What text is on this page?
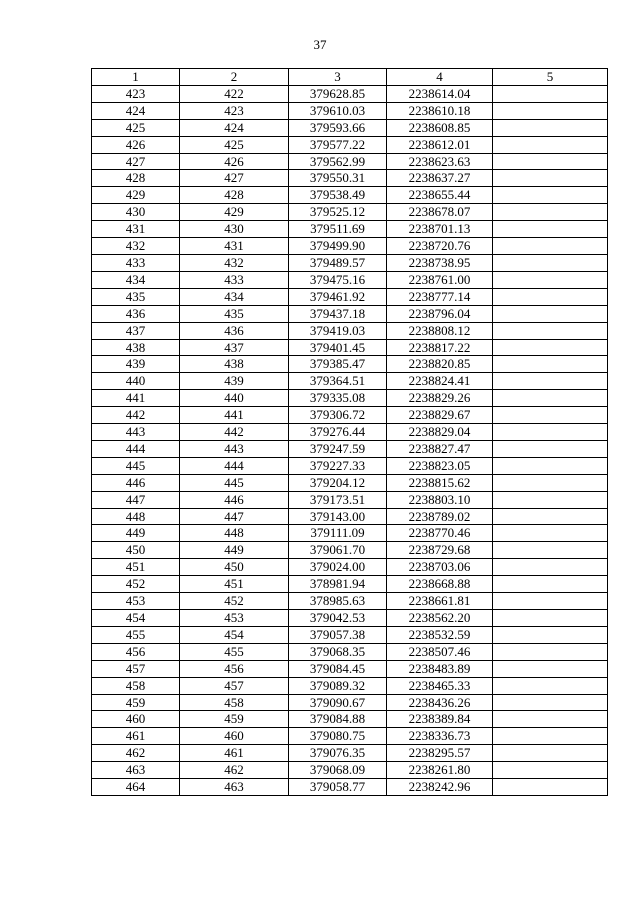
37
1	2	3	4	5
423	422	379628.85	2238614.04	
424	423	379610.03	2238610.18	
425	424	379593.66	2238608.85	
426	425	379577.22	2238612.01	
427	426	379562.99	2238623.63	
428	427	379550.31	2238637.27	
429	428	379538.49	2238655.44	
430	429	379525.12	2238678.07	
431	430	379511.69	2238701.13	
432	431	379499.90	2238720.76	
433	432	379489.57	2238738.95	
434	433	379475.16	2238761.00	
435	434	379461.92	2238777.14	
436	435	379437.18	2238796.04	
437	436	379419.03	2238808.12	
438	437	379401.45	2238817.22	
439	438	379385.47	2238820.85	
440	439	379364.51	2238824.41	
441	440	379335.08	2238829.26	
442	441	379306.72	2238829.67	
443	442	379276.44	2238829.04	
444	443	379247.59	2238827.47	
445	444	379227.33	2238823.05	
446	445	379204.12	2238815.62	
447	446	379173.51	2238803.10	
448	447	379143.00	2238789.02	
449	448	379111.09	2238770.46	
450	449	379061.70	2238729.68	
451	450	379024.00	2238703.06	
452	451	378981.94	2238668.88	
453	452	378985.63	2238661.81	
454	453	379042.53	2238562.20	
455	454	379057.38	2238532.59	
456	455	379068.35	2238507.46	
457	456	379084.45	2238483.89	
458	457	379089.32	2238465.33	
459	458	379090.67	2238436.26	
460	459	379084.88	2238389.84	
461	460	379080.75	2238336.73	
462	461	379076.35	2238295.57	
463	462	379068.09	2238261.80	
464	463	379058.77	2238242.96	
